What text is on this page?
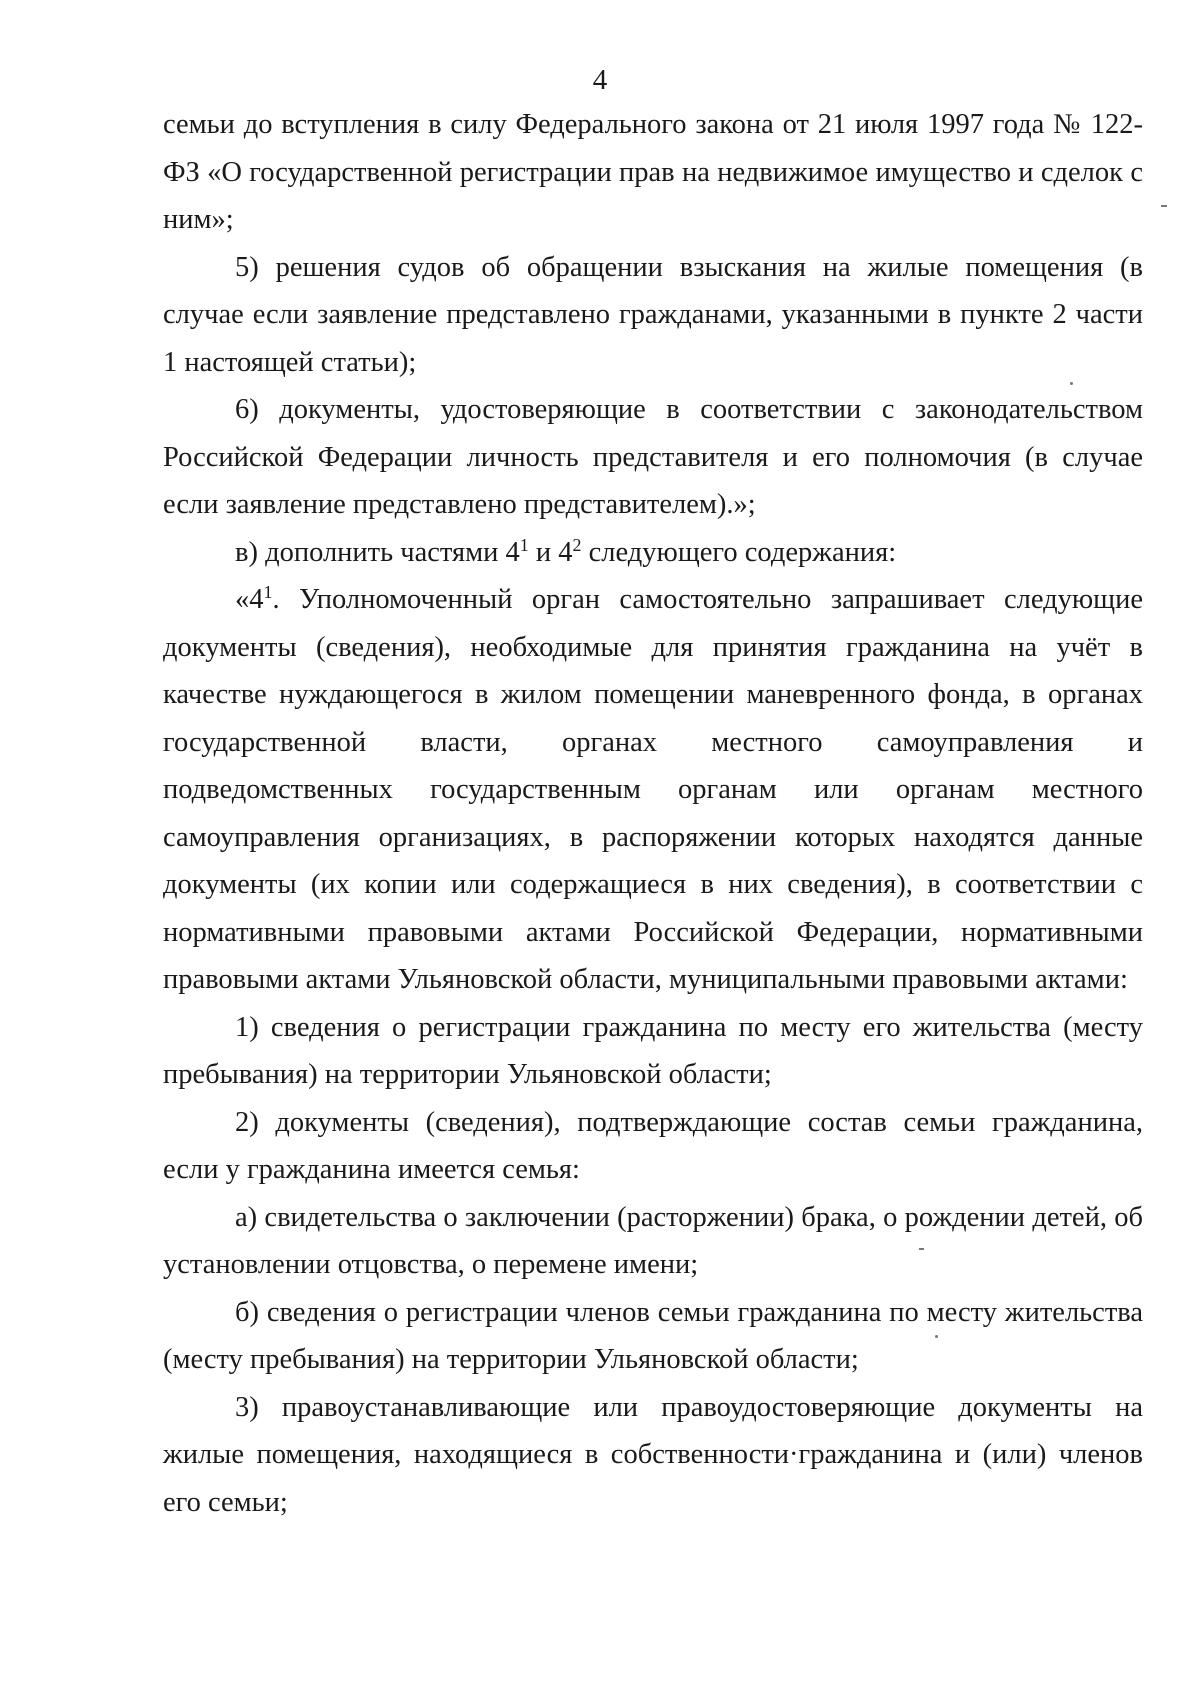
4

семьи до вступления в силу Федерального закона от 21 июля 1997 года № 122-ФЗ «О государственной регистрации прав на недвижимое имущество и сделок с ним»;

5) решения судов об обращении взыскания на жилые помещения (в случае если заявление представлено гражданами, указанными в пункте 2 части 1 настоящей статьи);

6) документы, удостоверяющие в соответствии с законодательством Российской Федерации личность представителя и его полномочия (в случае если заявление представлено представителем).»;

в) дополнить частями $4^1$ и $4^2$ следующего содержания:

«$4^1$. Уполномоченный орган самостоятельно запрашивает следующие документы (сведения), необходимые для принятия гражданина на учёт в качестве нуждающегося в жилом помещении маневренного фонда, в органах государственной власти, органах местного самоуправления и подведомственных государственным органам или органам местного самоуправления организациях, в распоряжении которых находятся данные документы (их копии или содержащиеся в них сведения), в соответствии с нормативными правовыми актами Российской Федерации, нормативными правовыми актами Ульяновской области, муниципальными правовыми актами:

1) сведения о регистрации гражданина по месту его жительства (месту пребывания) на территории Ульяновской области;

2) документы (сведения), подтверждающие состав семьи гражданина, если у гражданина имеется семья:

а) свидетельства о заключении (расторжении) брака, о рождении детей, об установлении отцовства, о перемене имени;

б) сведения о регистрации членов семьи гражданина по месту жительства (месту пребывания) на территории Ульяновской области;

3) правоустанавливающие или правоудостоверяющие документы на жилые помещения, находящиеся в собственности·гражданина и (или) членов его семьи;
